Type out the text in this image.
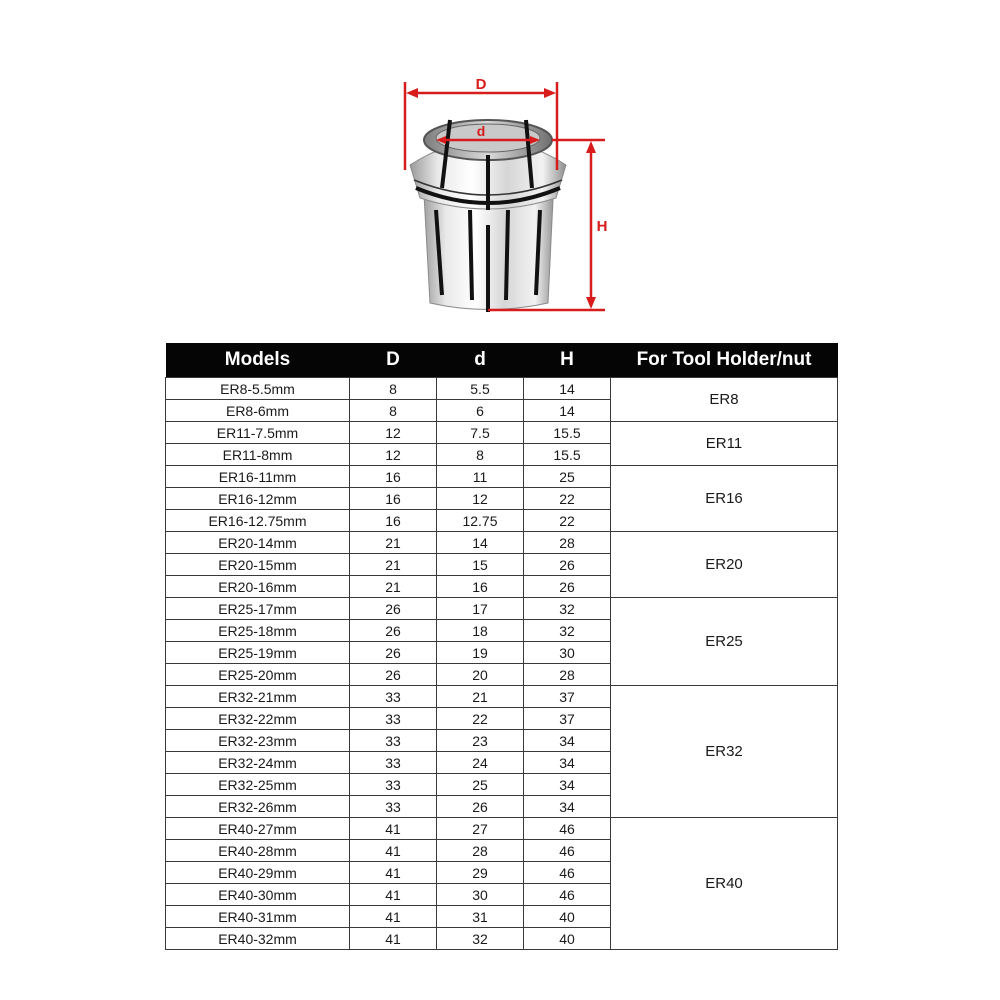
D
d
H
Models	D	d	H	For Tool Holder/nut
ER8-5.5mm	8	5.5	14	ER8
ER8-6mm	8	6	14	
ER11-7.5mm	12	7.5	15.5	ER11
ER11-8mm	12	8	15.5	
ER16-11mm	16	11	25	ER16
ER16-12mm	16	12	22	
ER16-12.75mm	16	12.75	22	
ER20-14mm	21	14	28	ER20
ER20-15mm	21	15	26	
ER20-16mm	21	16	26	
ER25-17mm	26	17	32	ER25
ER25-18mm	26	18	32	
ER25-19mm	26	19	30	
ER25-20mm	26	20	28	
ER32-21mm	33	21	37	ER32
ER32-22mm	33	22	37	
ER32-23mm	33	23	34	
ER32-24mm	33	24	34	
ER32-25mm	33	25	34	
ER32-26mm	33	26	34	
ER40-27mm	41	27	46	ER40
ER40-28mm	41	28	46	
ER40-29mm	41	29	46	
ER40-30mm	41	30	46	
ER40-31mm	41	31	40	
ER40-32mm	41	32	40	
